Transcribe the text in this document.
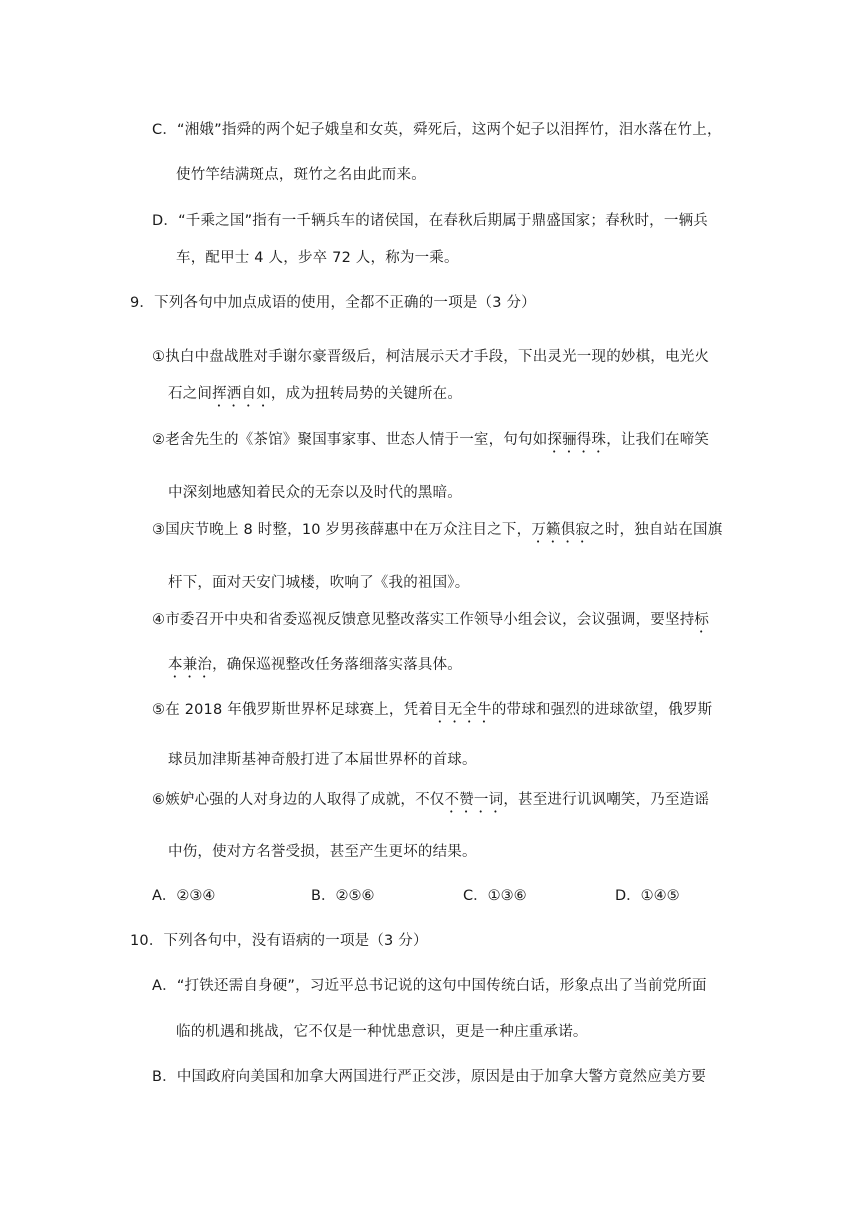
C．“湘娥”指舜的两个妃子娥皇和女英，舜死后，这两个妃子以泪挥竹，泪水落在竹上，
使竹竿结满斑点，斑竹之名由此而来。
D．“千乘之国”指有一千辆兵车的诸侯国，在春秋后期属于鼎盛国家；春秋时，一辆兵
车，配甲士 4 人，步卒 72 人，称为一乘。
9．下列各句中加点成语的使用，全都不正确的一项是（3 分）
①执白中盘战胜对手谢尔豪晋级后，柯洁展示天才手段，下出灵光一现的妙棋，电光火
石之间挥洒自如，成为扭转局势的关键所在。
②老舍先生的《茶馆》聚国事家事、世态人情于一室，句句如探骊得珠，让我们在啼笑
中深刻地感知着民众的无奈以及时代的黑暗。
③国庆节晚上 8 时整，10 岁男孩薛惠中在万众注目之下，万籁俱寂之时，独自站在国旗
杆下，面对天安门城楼，吹响了《我的祖国》。
④市委召开中央和省委巡视反馈意见整改落实工作领导小组会议，会议强调，要坚持标
本兼治，确保巡视整改任务落细落实落具体。
⑤在 2018 年俄罗斯世界杯足球赛上，凭着目无全牛的带球和强烈的进球欲望，俄罗斯
球员加津斯基神奇般打进了本届世界杯的首球。
⑥嫉妒心强的人对身边的人取得了成就，不仅不赞一词，甚至进行讥讽嘲笑，乃至造谣
中伤，使对方名誉受损，甚至产生更坏的结果。
A．②③④	B．②⑤⑥	C．①③⑥	D．①④⑤
10．下列各句中，没有语病的一项是（3 分）
A．“打铁还需自身硬”，习近平总书记说的这句中国传统白话，形象点出了当前党所面
临的机遇和挑战，它不仅是一种忧患意识，更是一种庄重承诺。
B．中国政府向美国和加拿大两国进行严正交涉，原因是由于加拿大警方竟然应美方要
